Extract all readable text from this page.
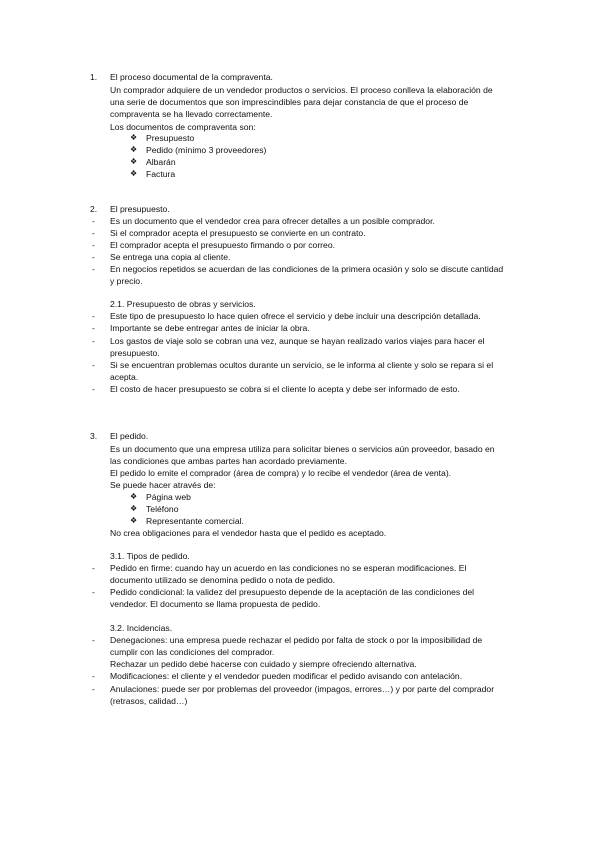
1.	El proceso documental de la compraventa.
Un comprador adquiere de un vendedor productos o servicios. El proceso conlleva la elaboración de
una serie de documentos que son imprescindibles para dejar constancia de que el proceso de
compraventa se ha llevado correctamente.
Los documentos de compraventa son:
❖ Presupuesto
❖ Pedido (mínimo 3 proveedores)
❖ Albarán
❖ Factura
2.	El presupuesto.
- Es un documento que el vendedor crea para ofrecer detalles a un posible comprador.
- Si el comprador acepta el presupuesto se convierte en un contrato.
- El comprador acepta el presupuesto firmando o por correo.
- Se entrega una copia al cliente.
- En negocios repetidos se acuerdan de las condiciones de la primera ocasión y solo se discute cantidad
y precio.
2.1. Presupuesto de obras y servicios.
- Este tipo de presupuesto lo hace quien ofrece el servicio y debe incluir una descripción detallada.
- Importante se debe entregar antes de iniciar la obra.
- Los gastos de viaje solo se cobran una vez, aunque se hayan realizado varios viajes para hacer el
presupuesto.
- Si se encuentran problemas ocultos durante un servicio, se le informa al cliente y solo se repara si el
acepta.
- El costo de hacer presupuesto se cobra si el cliente lo acepta y debe ser informado de esto.
3.	El pedido.
Es un documento que una empresa utiliza para solicitar bienes o servicios aún proveedor, basado en
las condiciones que ambas partes han acordado previamente.
El pedido lo emite el comprador (área de compra) y lo recibe el vendedor (área de venta).
Se puede hacer através de:
❖ Página web
❖ Teléfono
❖ Representante comercial.
No crea obligaciones para el vendedor hasta que el pedido es aceptado.
3.1. Tipos de pedido.
- Pedido en firme: cuando hay un acuerdo en las condiciones no se esperan modificaciones. El
documento utilizado se denomina pedido o nota de pedido.
- Pedido condicional: la validez del presupuesto depende de la aceptación de las condiciones del
vendedor. El documento se llama propuesta de pedido.
3.2. Incidencias.
- Denegaciones: una empresa puede rechazar el pedido por falta de stock o por la imposibilidad de
cumplir con las condiciones del comprador.
Rechazar un pedido debe hacerse con cuidado y siempre ofreciendo alternativa.
- Modificaciones: el cliente y el vendedor pueden modificar el pedido avisando con antelación.
- Anulaciones: puede ser por problemas del proveedor (impagos, errores…) y por parte del comprador
(retrasos, calidad…)
